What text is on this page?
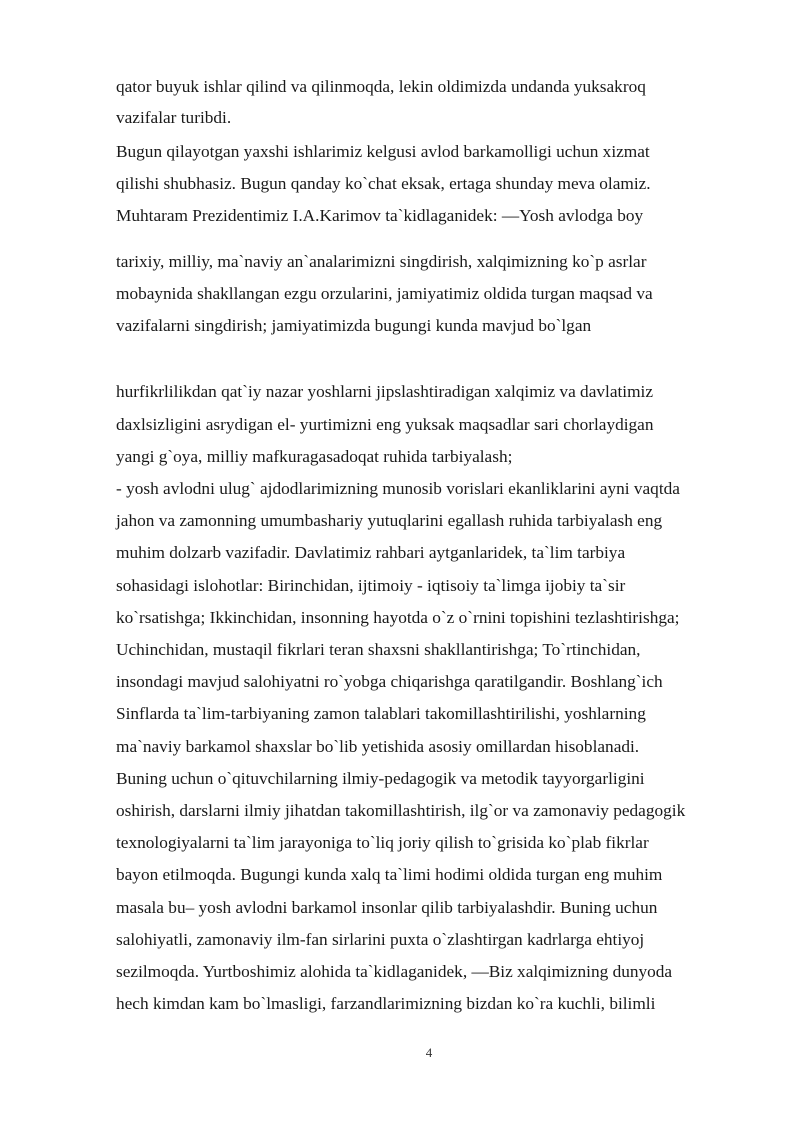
qator buyuk ishlar qilind va qilinmoqda, lekin oldimizda undanda yuksakroq
vazifalar turibdi.
Bugun qilayotgan yaxshi ishlarimiz kelgusi avlod barkamolligi uchun xizmat
qilishi shubhasiz. Bugun qanday ko`chat eksak, ertaga shunday meva olamiz.
Muhtaram Prezidentimiz I.A.Karimov ta`kidlaganidek: —Yosh avlodga boy
tarixiy, milliy, ma`naviy an`analarimizni singdirish, xalqimizning ko`p asrlar
mobaynida shakllangan ezgu orzularini, jamiyatimiz oldida turgan maqsad va
vazifalarni singdirish; jamiyatimizda bugungi kunda mavjud bo`lgan
hurfikrlilikdan qat`iy nazar yoshlarni jipslashtiradigan xalqimiz va davlatimiz
daxlsizligini asrydigan el- yurtimizni eng yuksak maqsadlar sari chorlaydigan
yangi g`oya, milliy mafkuragasadoqat ruhida tarbiyalash;
- yosh avlodni ulug` ajdodlarimizning munosib vorislari ekanliklarini ayni vaqtda
jahon va zamonning umumbashariy yutuqlarini egallash ruhida tarbiyalash eng
muhim dolzarb vazifadir. Davlatimiz rahbari aytganlaridek, ta`lim tarbiya
sohasidagi islohotlar: Birinchidan, ijtimoiy - iqtisoiy ta`limga ijobiy ta`sir
ko`rsatishga; Ikkinchidan, insonning hayotda o`z o`rnini topishini tezlashtirishga;
Uchinchidan, mustaqil fikrlari teran shaxsni shakllantirishga; To`rtinchidan,
insondagi mavjud salohiyatni ro`yobga chiqarishga qaratilgandir. Boshlang`ich
Sinflarda ta`lim-tarbiyaning zamon talablari takomillashtirilishi, yoshlarning
ma`naviy barkamol shaxslar bo`lib yetishida asosiy omillardan hisoblanadi.
Buning uchun o`qituvchilarning ilmiy-pedagogik va metodik tayyorgarligini
oshirish, darslarni ilmiy jihatdan takomillashtirish, ilg`or va zamonaviy pedagogik
texnologiyalarni ta`lim jarayoniga to`liq joriy qilish to`grisida ko`plab fikrlar
bayon etilmoqda. Bugungi kunda xalq ta`limi hodimi oldida turgan eng muhim
masala bu– yosh avlodni barkamol insonlar qilib tarbiyalashdir. Buning uchun
salohiyatli, zamonaviy ilm-fan sirlarini puxta o`zlashtirgan kadrlarga ehtiyoj
sezilmoqda. Yurtboshimiz alohida ta`kidlaganidek, —Biz xalqimizning dunyoda
hech kimdan kam bo`lmasligi, farzandlarimizning bizdan ko`ra kuchli, bilimli
4
